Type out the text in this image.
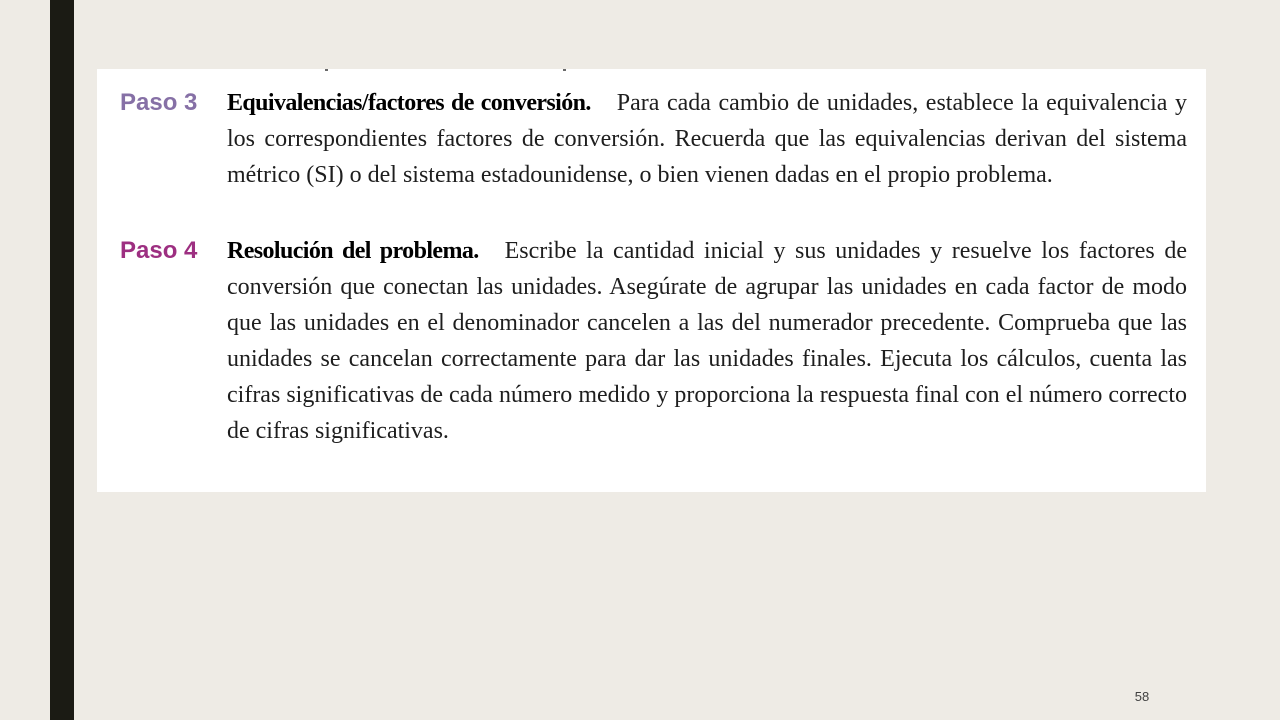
Paso 3 Equivalencias/factores de conversión. Para cada cambio de unidades, establece la equivalencia y los correspondientes factores de conversión. Recuerda que las equivalencias derivan del sistema métrico (SI) o del sistema estadounidense, o bien vienen dadas en el propio problema.
Paso 4 Resolución del problema. Escribe la cantidad inicial y sus unidades y resuelve los factores de conversión que conectan las unidades. Asegúrate de agrupar las unidades en cada factor de modo que las unidades en el denominador cancelen a las del numerador precedente. Comprueba que las unidades se cancelan correctamente para dar las unidades finales. Ejecuta los cálculos, cuenta las cifras significativas de cada número medido y proporciona la respuesta final con el número correcto de cifras significativas.
58
